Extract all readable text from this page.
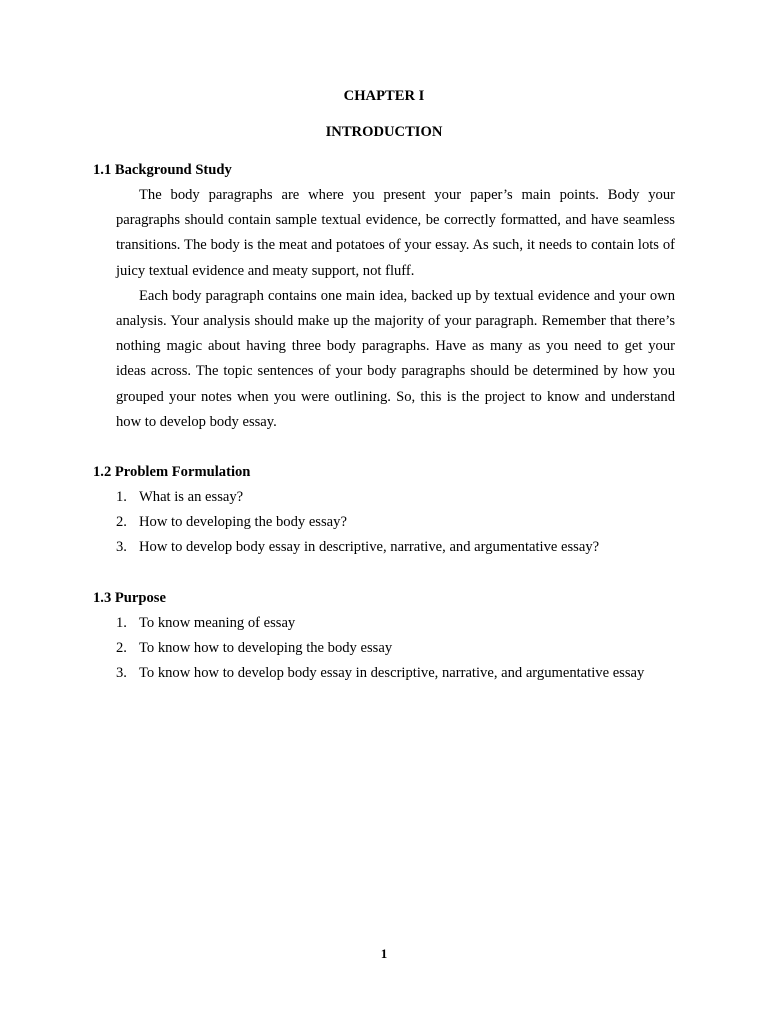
CHAPTER I
INTRODUCTION

1.1 Background Study

The body paragraphs are where you present your paper’s main points. Body your paragraphs should contain sample textual evidence, be correctly formatted, and have seamless transitions. The body is the meat and potatoes of your essay. As such, it needs to contain lots of juicy textual evidence and meaty support, not fluff.

Each body paragraph contains one main idea, backed up by textual evidence and your own analysis. Your analysis should make up the majority of your paragraph. Remember that there’s nothing magic about having three body paragraphs. Have as many as you need to get your ideas across. The topic sentences of your body paragraphs should be determined by how you grouped your notes when you were outlining. So, this is the project to know and understand how to develop body essay.

1.2 Problem Formulation

1. What is an essay?
2. How to developing the body essay?
3. How to develop body essay in descriptive, narrative, and argumentative essay?

1.3 Purpose

1. To know meaning of essay
2. To know how to developing the body essay
3. To know how to develop body essay in descriptive, narrative, and argumentative essay
1
